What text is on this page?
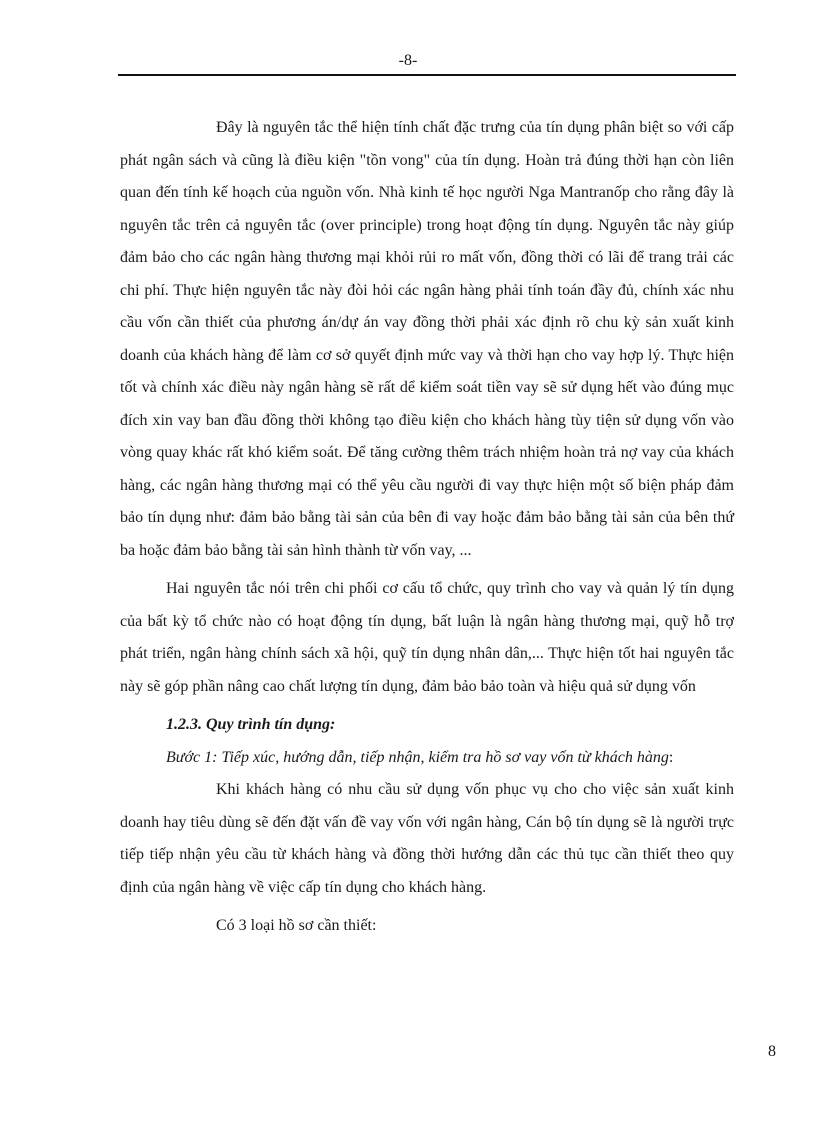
-8-

Đây là nguyên tắc thể hiện tính chất đặc trưng của tín dụng phân biệt so với cấp phát ngân sách và cũng là điều kiện "tồn vong" của tín dụng. Hoàn trả đúng thời hạn còn liên quan đến tính kế hoạch của nguồn vốn. Nhà kinh tế học người Nga Mantranốp cho rằng đây là nguyên tắc trên cả nguyên tắc (over principle) trong hoạt động tín dụng. Nguyên tắc này giúp đảm bảo cho các ngân hàng thương mại khỏi rủi ro mất vốn, đồng thời có lãi để trang trải các chi phí. Thực hiện nguyên tắc này đòi hỏi các ngân hàng phải tính toán đầy đủ, chính xác nhu cầu vốn cần thiết của phương án/dự án vay đồng thời phải xác định rõ chu kỳ sản xuất kinh doanh của khách hàng để làm cơ sở quyết định mức vay và thời hạn cho vay hợp lý. Thực hiện tốt và chính xác điều này ngân hàng sẽ rất dể kiểm soát tiền vay sẽ sử dụng hết vào đúng mục đích xin vay ban đầu đồng thời không tạo điều kiện cho khách hàng tùy tiện sử dụng vốn vào vòng quay khác rất khó kiểm soát. Để tăng cường thêm trách nhiệm hoàn trả nợ vay của khách hàng, các ngân hàng thương mại có thể yêu cầu người đi vay thực hiện một số biện pháp đảm bảo tín dụng như: đảm bảo bằng tài sản của bên đi vay hoặc đảm bảo bằng tài sản của bên thứ ba hoặc đảm bảo bằng tài sản hình thành từ vốn vay, ...

Hai nguyên tắc nói trên chi phối cơ cấu tổ chức, quy trình cho vay và quản lý tín dụng của bất kỳ tổ chức nào có hoạt động tín dụng, bất luận là ngân hàng thương mại, quỹ hỗ trợ phát triển, ngân hàng chính sách xã hội, quỹ tín dụng nhân dân,... Thực hiện tốt hai nguyên tắc này sẽ góp phần nâng cao chất lượng tín dụng, đảm bảo bảo toàn và hiệu quả sử dụng vốn

1.2.3. Quy trình tín dụng:

Bước 1: Tiếp xúc, hướng dẫn, tiếp nhận, kiểm tra hồ sơ vay vốn từ khách hàng:

Khi khách hàng có nhu cầu sử dụng vốn phục vụ cho cho việc sản xuất kinh doanh hay tiêu dùng sẽ đến đặt vấn đề vay vốn với ngân hàng, Cán bộ tín dụng sẽ là người trực tiếp tiếp nhận yêu cầu từ khách hàng và đồng thời hướng dẫn các thủ tục cần thiết theo quy định của ngân hàng về việc cấp tín dụng cho khách hàng.

Có 3 loại hồ sơ cần thiết:

8
